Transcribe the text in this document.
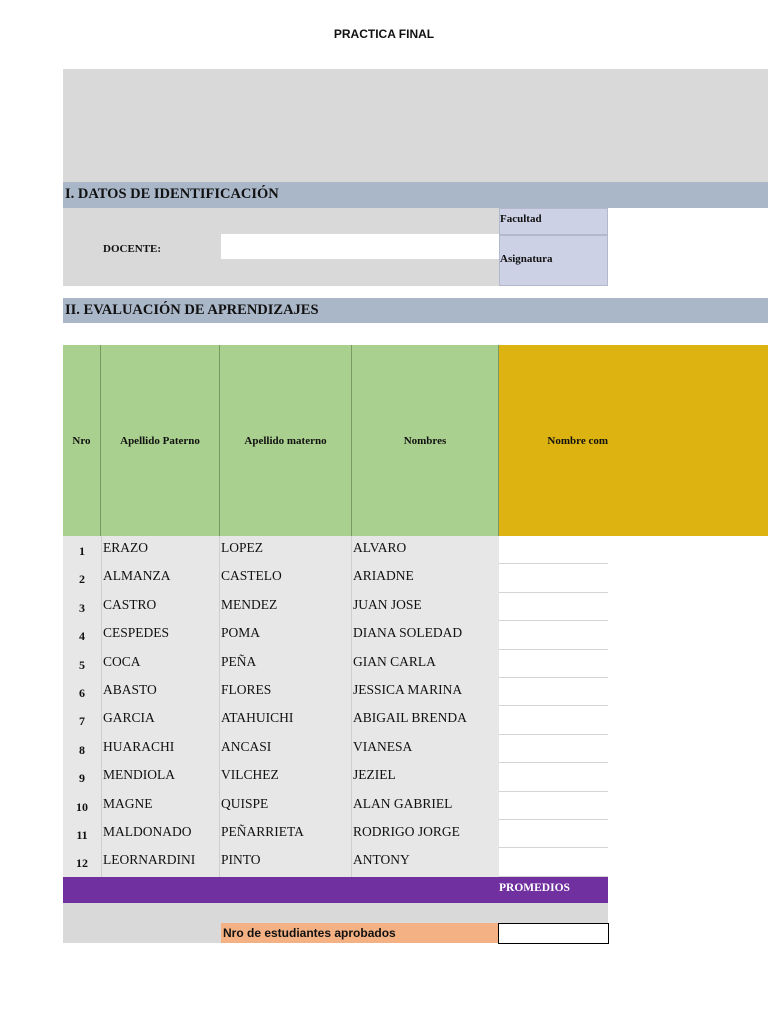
PRACTICA FINAL
I. DATOS DE IDENTIFICACIÓN
DOCENTE:
Facultad
Asignatura
II. EVALUACIÓN DE APRENDIZAJES
Nro	Apellido Paterno	Apellido materno	Nombres	Nombre com
1	ERAZO	LOPEZ	ALVARO
2	ALMANZA	CASTELO	ARIADNE
3	CASTRO	MENDEZ	JUAN JOSE
4	CESPEDES	POMA	DIANA SOLEDAD
5	COCA	PEÑA	GIAN CARLA
6	ABASTO	FLORES	JESSICA MARINA
7	GARCIA	ATAHUICHI	ABIGAIL BRENDA
8	HUARACHI	ANCASI	VIANESA
9	MENDIOLA	VILCHEZ	JEZIEL
10	MAGNE	QUISPE	ALAN GABRIEL
11	MALDONADO	PEÑARRIETA	RODRIGO JORGE
12	LEORNARDINI	PINTO	ANTONY
PROMEDIOS
Nro de estudiantes aprobados
